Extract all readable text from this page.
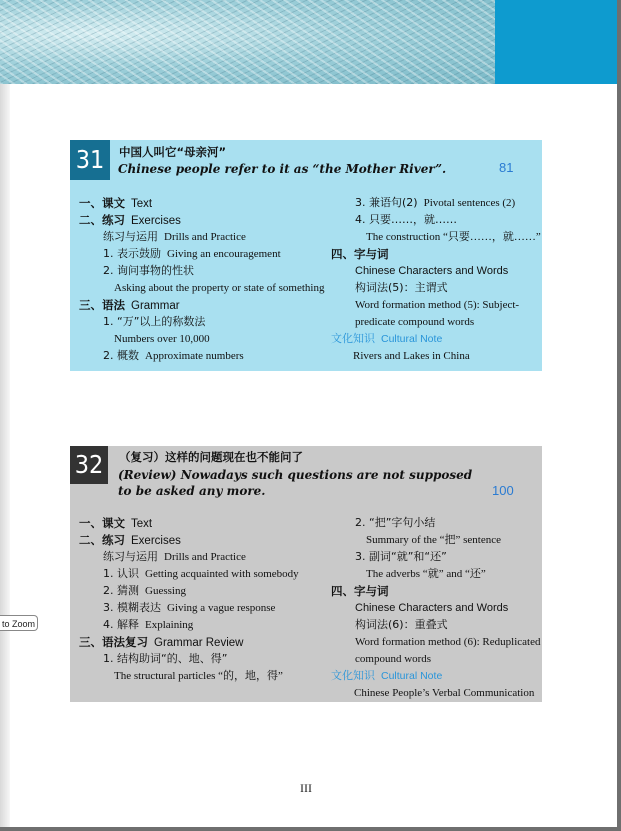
31	中国人叫它“母亲河”
Chinese people refer to it as “the Mother River”.	81
一、课文 Text
二、练习 Exercises
练习与运用 Drills and Practice
1. 表示鼓励 Giving an encouragement
2. 询问事物的性状
Asking about the property or state of something
三、语法 Grammar
1. “万”以上的称数法
Numbers over 10,000
2. 概数 Approximate numbers
3. 兼语句(2) Pivotal sentences (2)
4. 只要……，就……
The construction “只要……，就……”
四、字与词
Chinese Characters and Words
构词法(5)：主谓式
Word formation method (5): Subject-
predicate compound words
文化知识 Cultural Note
Rivers and Lakes in China
32	（复习）这样的问题现在也不能问了
(Review) Nowadays such questions are not supposed
to be asked any more.	100
一、课文 Text
二、练习 Exercises
练习与运用 Drills and Practice
1. 认识 Getting acquainted with somebody
2. 猜测 Guessing
3. 模糊表达 Giving a vague response
4. 解释 Explaining
三、语法复习 Grammar Review
1. 结构助词“的、地、得”
The structural particles “的，地，得”
2. “把”字句小结
Summary of the “把” sentence
3. 副词“就”和“还”
The adverbs “就” and “还”
四、字与词
Chinese Characters and Words
构词法(6)：重叠式
Word formation method (6): Reduplicated
compound words
文化知识 Cultural Note
Chinese People’s Verbal Communication
III
to Zoom
